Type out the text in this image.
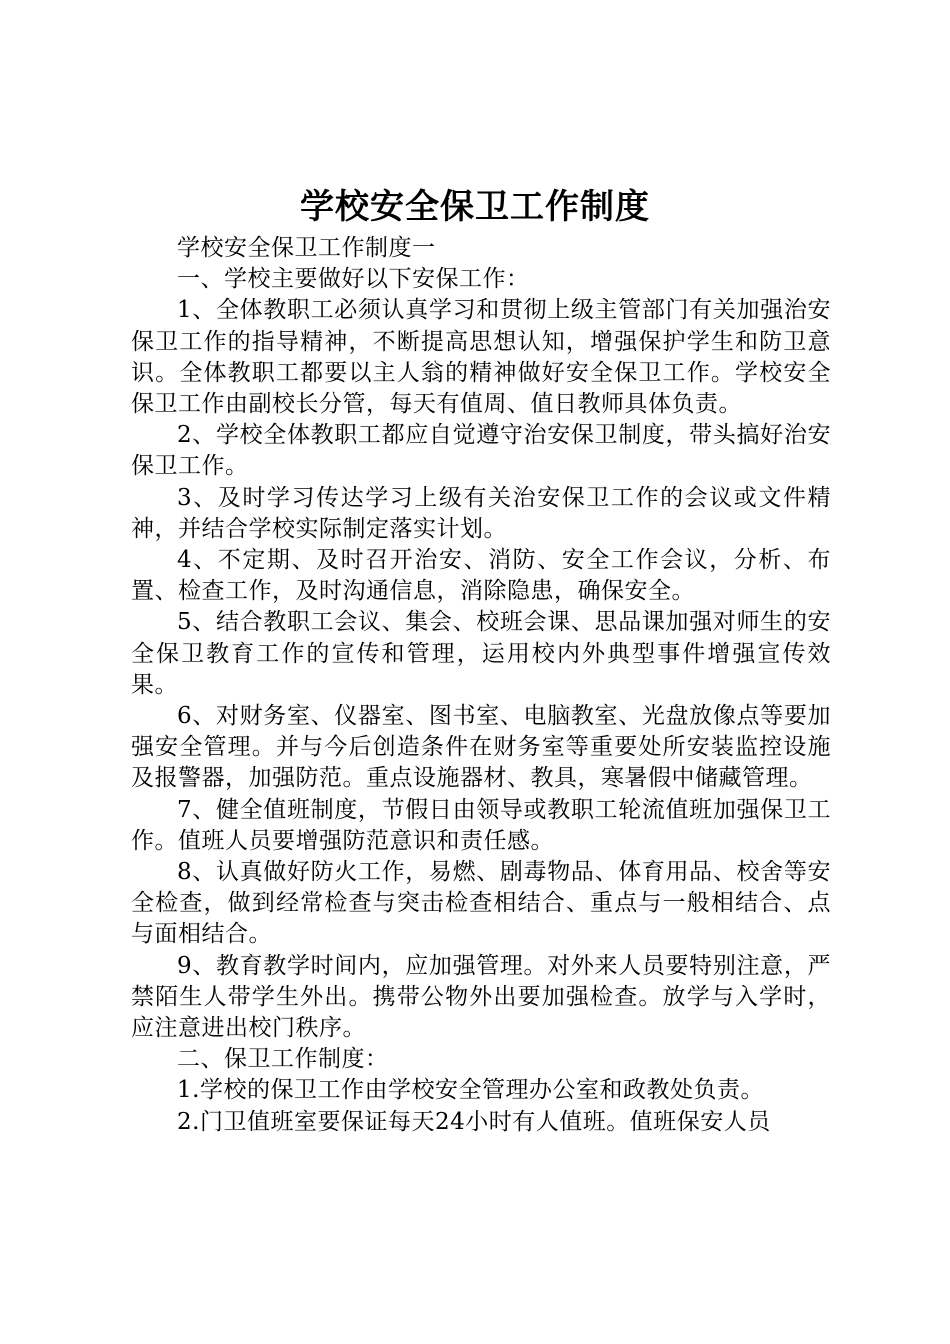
学校安全保卫工作制度

学校安全保卫工作制度一

一、学校主要做好以下安保工作：

1、全体教职工必须认真学习和贯彻上级主管部门有关加强治安保卫工作的指导精神，不断提高思想认知，增强保护学生和防卫意识。全体教职工都要以主人翁的精神做好安全保卫工作。学校安全保卫工作由副校长分管，每天有值周、值日教师具体负责。

2、学校全体教职工都应自觉遵守治安保卫制度，带头搞好治安保卫工作。

3、及时学习传达学习上级有关治安保卫工作的会议或文件精神，并结合学校实际制定落实计划。

4、不定期、及时召开治安、消防、安全工作会议，分析、布置、检查工作，及时沟通信息，消除隐患，确保安全。

5、结合教职工会议、集会、校班会课、思品课加强对师生的安全保卫教育工作的宣传和管理，运用校内外典型事件增强宣传效果。

6、对财务室、仪器室、图书室、电脑教室、光盘放像点等要加强安全管理。并与今后创造条件在财务室等重要处所安装监控设施及报警器，加强防范。重点设施器材、教具，寒暑假中储藏管理。

7、健全值班制度，节假日由领导或教职工轮流值班加强保卫工作。值班人员要增强防范意识和责任感。

8、认真做好防火工作，易燃、剧毒物品、体育用品、校舍等安全检查，做到经常检查与突击检查相结合、重点与一般相结合、点与面相结合。

9、教育教学时间内，应加强管理。对外来人员要特别注意，严禁陌生人带学生外出。携带公物外出要加强检查。放学与入学时，应注意进出校门秩序。

二、保卫工作制度：

1.学校的保卫工作由学校安全管理办公室和政教处负责。

2.门卫值班室要保证每天24小时有人值班。值班保安人员
